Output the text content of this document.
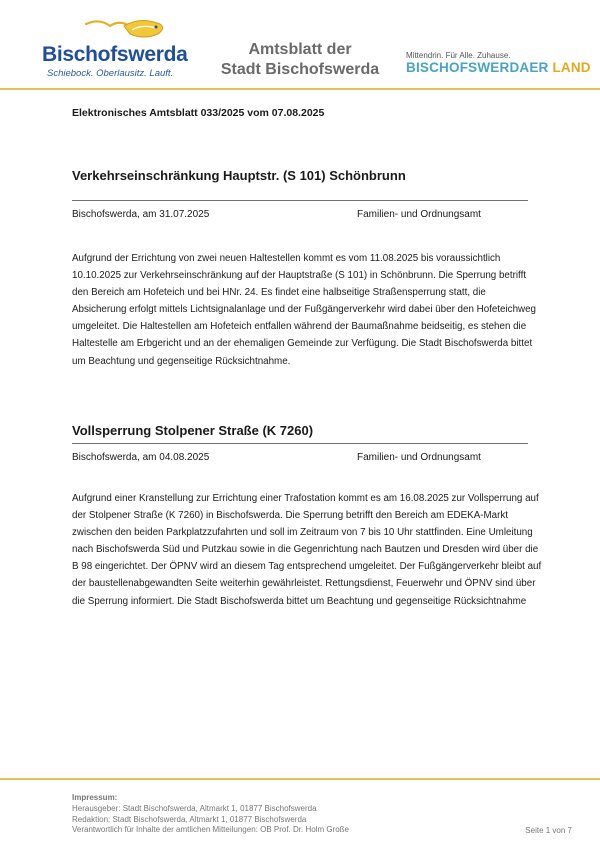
Bischofswerda
Schiebock. Oberlausitz. Lauft.
Amtsblatt der
Stadt Bischofswerda
Mittendrin. Für Alle. Zuhause.
BISCHOFSWERDAER LAND
Elektronisches Amtsblatt 033/2025 vom 07.08.2025
Verkehrseinschränkung Hauptstr. (S 101) Schönbrunn
Bischofswerda, am 31.07.2025	Familien- und Ordnungsamt
Aufgrund der Errichtung von zwei neuen Haltestellen kommt es vom 11.08.2025 bis voraussichtlich 10.10.2025 zur Verkehrseinschränkung auf der Hauptstraße (S 101) in Schönbrunn. Die Sperrung betrifft den Bereich am Hofeteich und bei HNr. 24. Es findet eine halbseitige Straßensperrung statt, die Absicherung erfolgt mittels Lichtsignalanlage und der Fußgängerverkehr wird dabei über den Hofeteichweg umgeleitet. Die Haltestellen am Hofeteich entfallen während der Baumaßnahme beidseitig, es stehen die Haltestelle am Erbgericht und an der ehemaligen Gemeinde zur Verfügung. Die Stadt Bischofswerda bittet um Beachtung und gegenseitige Rücksichtnahme.
Vollsperrung Stolpener Straße (K 7260)
Bischofswerda, am 04.08.2025	Familien- und Ordnungsamt
Aufgrund einer Kranstellung zur Errichtung einer Trafostation kommt es am 16.08.2025 zur Vollsperrung auf der Stolpener Straße (K 7260) in Bischofswerda. Die Sperrung betrifft den Bereich am EDEKA-Markt zwischen den beiden Parkplatzzufahrten und soll im Zeitraum von 7 bis 10 Uhr stattfinden. Eine Umleitung nach Bischofswerda Süd und Putzkau sowie in die Gegenrichtung nach Bautzen und Dresden wird über die B 98 eingerichtet. Der ÖPNV wird an diesem Tag entsprechend umgeleitet. Der Fußgängerverkehr bleibt auf der baustellenabgewandten Seite weiterhin gewährleistet. Rettungsdienst, Feuerwehr und ÖPNV sind über die Sperrung informiert. Die Stadt Bischofswerda bittet um Beachtung und gegenseitige Rücksichtnahme
Impressum:
Herausgeber: Stadt Bischofswerda, Altmarkt 1, 01877 Bischofswerda
Redaktion: Stadt Bischofswerda, Altmarkt 1, 01877 Bischofswerda
Verantwortlich für Inhalte der amtlichen Mitteilungen: OB Prof. Dr. Holm Große	Seite 1 von 7
